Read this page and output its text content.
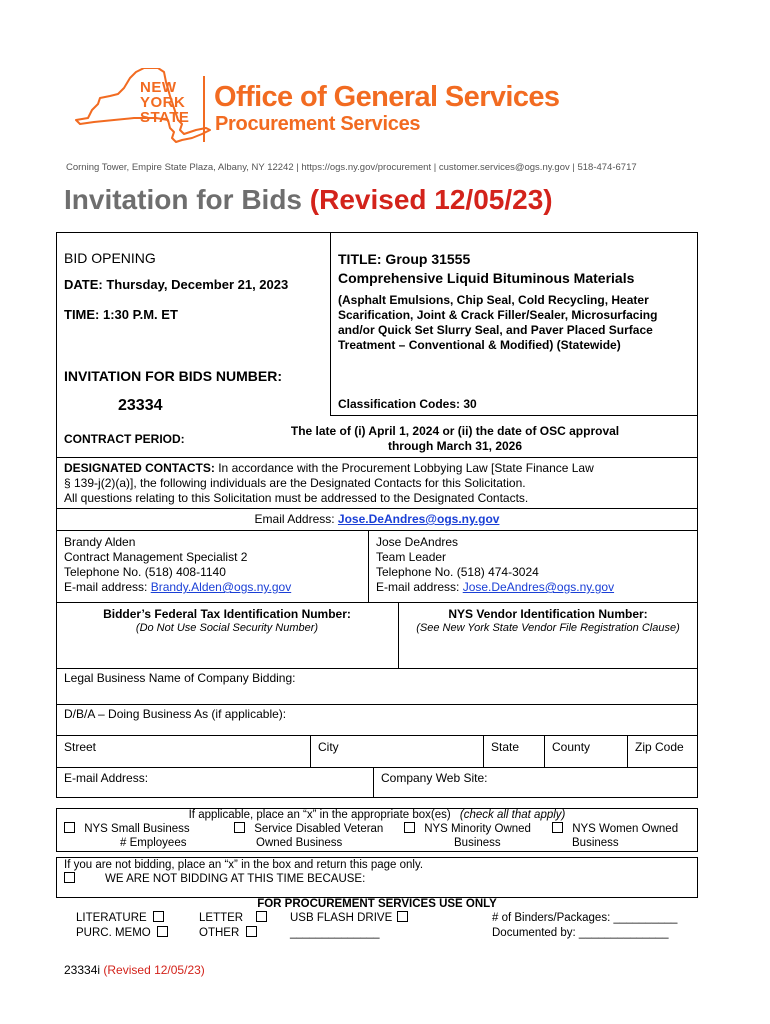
NEW
YORK
STATE
Office of General Services
Procurement Services
Corning Tower, Empire State Plaza, Albany, NY 12242 | https://ogs.ny.gov/procurement | customer.services@ogs.ny.gov | 518-474-6717
Invitation for Bids (Revised 12/05/23)
BID OPENING
DATE: Thursday, December 21, 2023
TIME: 1:30 P.M. ET
INVITATION FOR BIDS NUMBER:
23334
TITLE: Group 31555
Comprehensive Liquid Bituminous Materials
(Asphalt Emulsions, Chip Seal, Cold Recycling, Heater Scarification, Joint & Crack Filler/Sealer, Microsurfacing and/or Quick Set Slurry Seal, and Paver Placed Surface Treatment – Conventional & Modified) (Statewide)
Classification Codes: 30
CONTRACT PERIOD:
The late of (i) April 1, 2024 or (ii) the date of OSC approval
through March 31, 2026
DESIGNATED CONTACTS: In accordance with the Procurement Lobbying Law [State Finance Law
§ 139-j(2)(a)], the following individuals are the Designated Contacts for this Solicitation.
All questions relating to this Solicitation must be addressed to the Designated Contacts.
Email Address: Jose.DeAndres@ogs.ny.gov
Brandy Alden
Contract Management Specialist 2
Telephone No. (518) 408-1140
E-mail address: Brandy.Alden@ogs.ny.gov
Jose DeAndres
Team Leader
Telephone No. (518) 474-3024
E-mail address: Jose.DeAndres@ogs.ny.gov
Bidder’s Federal Tax Identification Number:
(Do Not Use Social Security Number)
NYS Vendor Identification Number:
(See New York State Vendor File Registration Clause)
Legal Business Name of Company Bidding:
D/B/A – Doing Business As (if applicable):
Street	City	State	County	Zip Code
E-mail Address:	Company Web Site:
If applicable, place an “x” in the appropriate box(es) (check all that apply)
NYS Small Business
# Employees
Service Disabled Veteran
Owned Business
NYS Minority Owned
Business
NYS Women Owned
Business
If you are not bidding, place an “x” in the box and return this page only.
WE ARE NOT BIDDING AT THIS TIME BECAUSE:
FOR PROCUREMENT SERVICES USE ONLY
LITERATURE
PURC. MEMO
LETTER
OTHER
USB FLASH DRIVE
______________
# of Binders/Packages: __________
Documented by: ______________
23334i (Revised 12/05/23)
